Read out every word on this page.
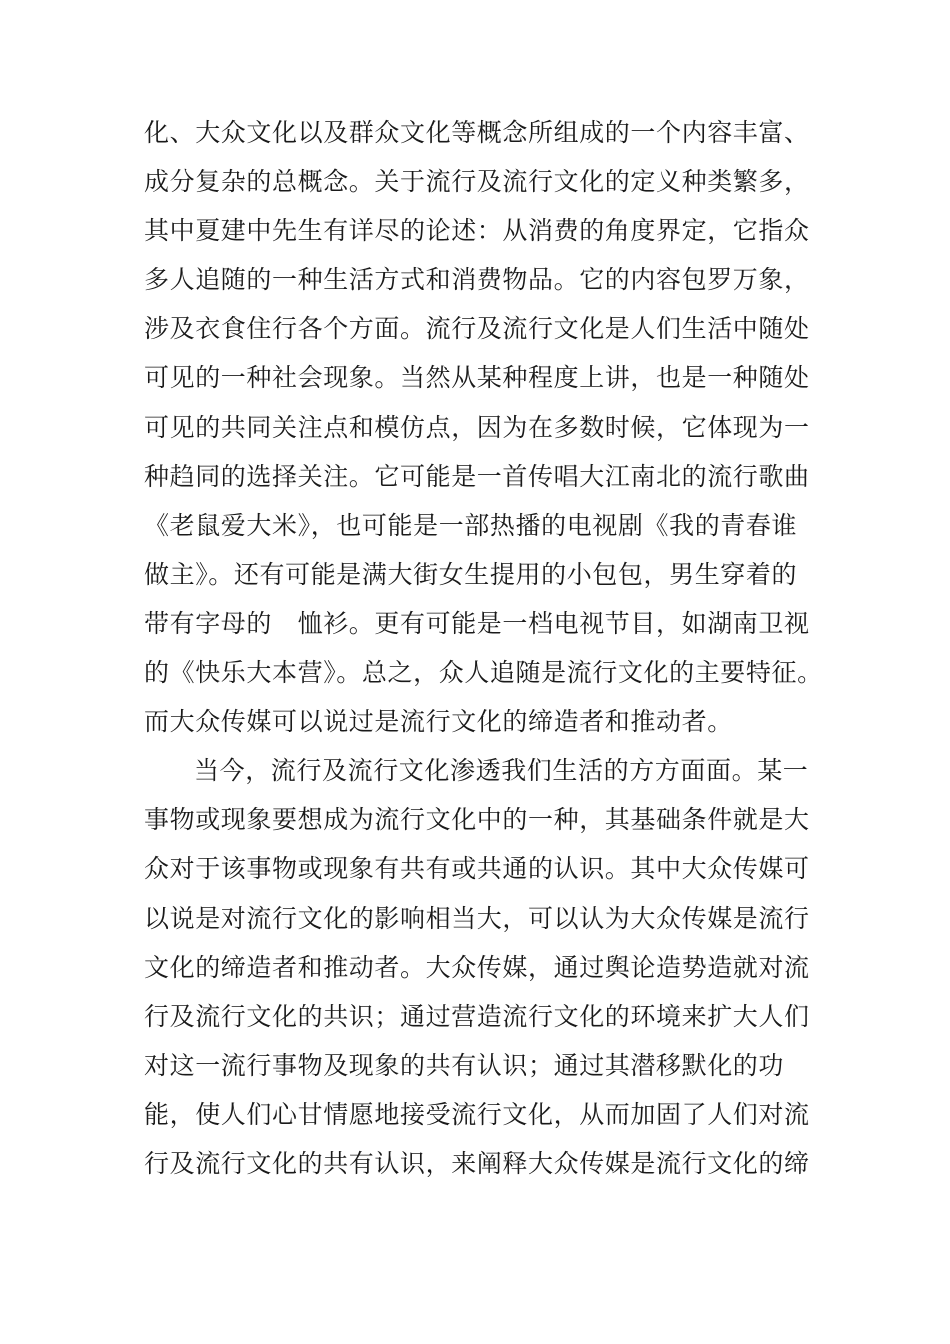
化、大众文化以及群众文化等概念所组成的一个内容丰富、
成分复杂的总概念。关于流行及流行文化的定义种类繁多，
其中夏建中先生有详尽的论述：从消费的角度界定，它指众
多人追随的一种生活方式和消费物品。它的内容包罗万象，
涉及衣食住行各个方面。流行及流行文化是人们生活中随处
可见的一种社会现象。当然从某种程度上讲，也是一种随处
可见的共同关注点和模仿点，因为在多数时候，它体现为一
种趋同的选择关注。它可能是一首传唱大江南北的流行歌曲
《老鼠爱大米》，也可能是一部热播的电视剧《我的青春谁
做主》。还有可能是满大街女生提用的小包包，男生穿着的
带有字母的　恤衫。更有可能是一档电视节目，如湖南卫视
的《快乐大本营》。总之，众人追随是流行文化的主要特征。
而大众传媒可以说过是流行文化的缔造者和推动者。
当今，流行及流行文化渗透我们生活的方方面面。某一
事物或现象要想成为流行文化中的一种，其基础条件就是大
众对于该事物或现象有共有或共通的认识。其中大众传媒可
以说是对流行文化的影响相当大，可以认为大众传媒是流行
文化的缔造者和推动者。大众传媒，通过舆论造势造就对流
行及流行文化的共识；通过营造流行文化的环境来扩大人们
对这一流行事物及现象的共有认识；通过其潜移默化的功
能，使人们心甘情愿地接受流行文化，从而加固了人们对流
行及流行文化的共有认识，来阐释大众传媒是流行文化的缔
